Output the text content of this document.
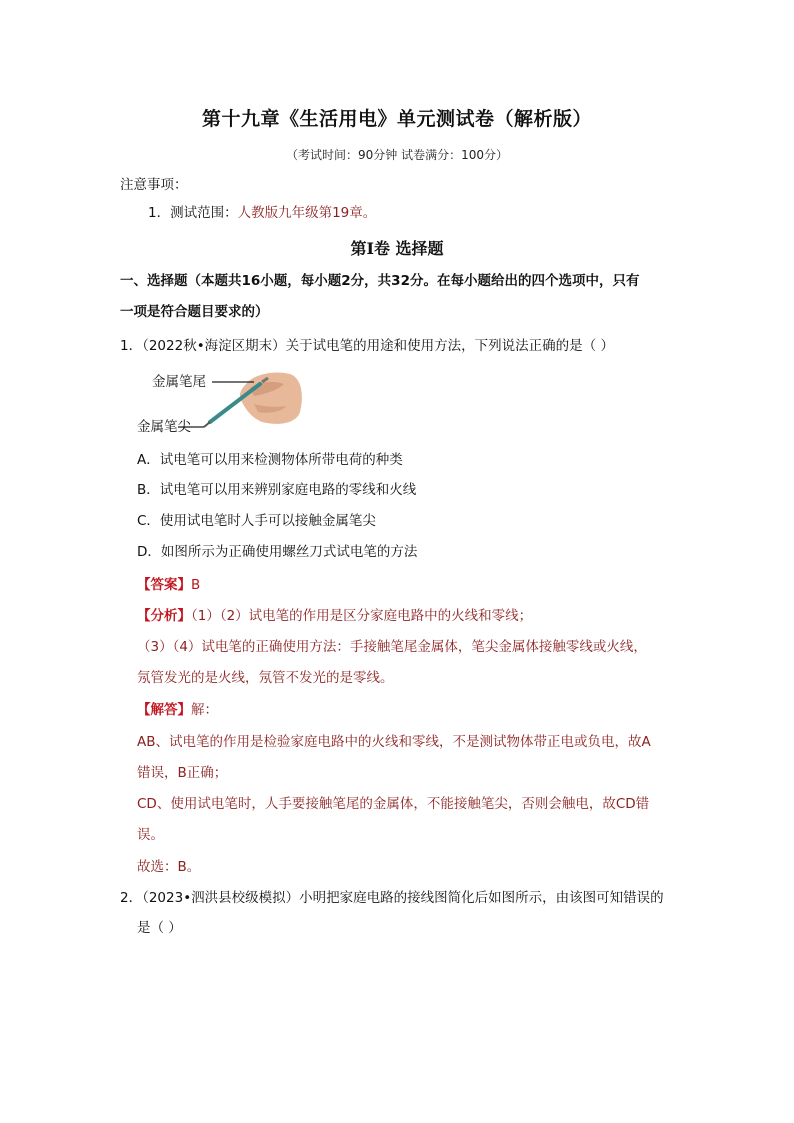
第十九章《生活用电》单元测试卷（解析版）
（考试时间：90分钟 试卷满分：100分）
注意事项：
1．测试范围：人教版九年级第19章。
第Ⅰ卷 选择题
一、选择题（本题共16小题，每小题2分，共32分。在每小题给出的四个选项中，只有
一项是符合题目要求的）
1．（2022秋•海淀区期末）关于试电笔的用途和使用方法，下列说法正确的是（ ）
金属笔尾
金属笔尖
A．试电笔可以用来检测物体所带电荷的种类
B．试电笔可以用来辨别家庭电路的零线和火线
C．使用试电笔时人手可以接触金属笔尖
D．如图所示为正确使用螺丝刀式试电笔的方法
【答案】B
【分析】（1）（2）试电笔的作用是区分家庭电路中的火线和零线；
（3）（4）试电笔的正确使用方法：手接触笔尾金属体，笔尖金属体接触零线或火线，
氖管发光的是火线，氖管不发光的是零线。
【解答】解：
AB、试电笔的作用是检验家庭电路中的火线和零线，不是测试物体带正电或负电，故A
错误，B正确；
CD、使用试电笔时，人手要接触笔尾的金属体，不能接触笔尖，否则会触电，故CD错
误。
故选：B。
2．（2023•泗洪县校级模拟）小明把家庭电路的接线图简化后如图所示，由该图可知错误的
是（ ）
